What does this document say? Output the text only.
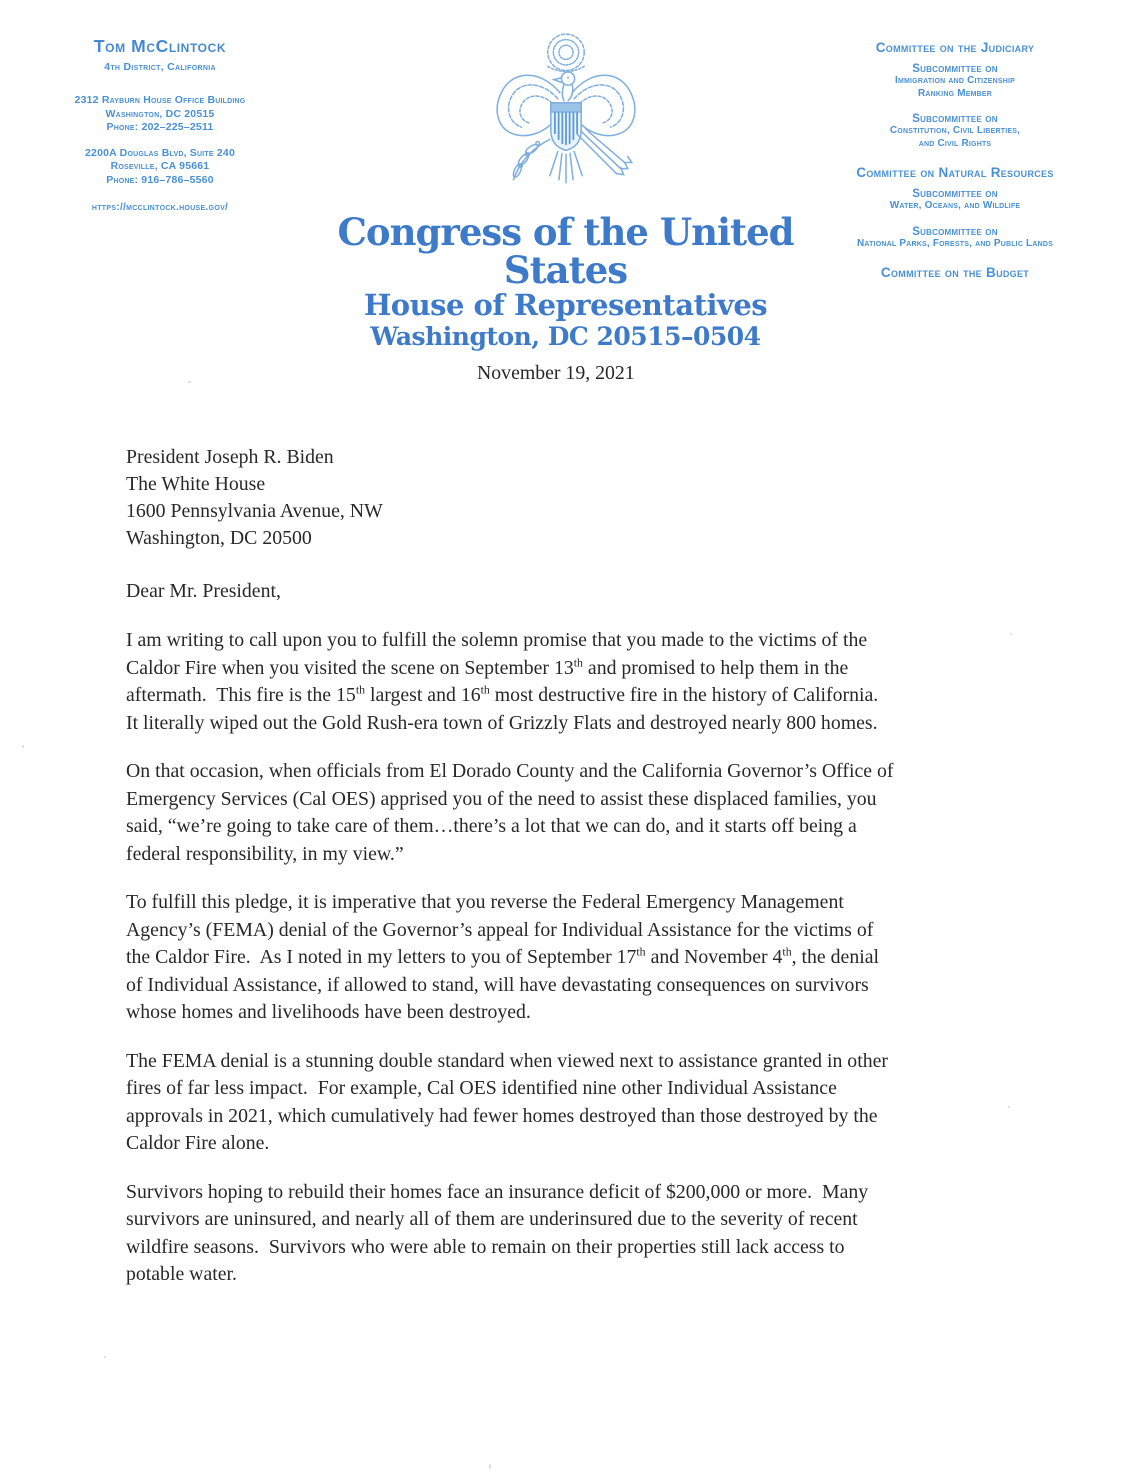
Tom McClintock
4th District, California
2312 Rayburn House Office Building
Washington, DC 20515
Phone: 202–225–2511
2200A Douglas Blvd, Suite 240
Roseville, CA 95661
Phone: 916–786–5560
https://mcclintock.house.gov/
Congress of the United States
House of Representatives
Washington, DC 20515–0504
Committee on the Judiciary
Subcommittee on
Immigration and Citizenship
Ranking Member
Subcommittee on
Constitution, Civil Liberties,
and Civil Rights
Committee on Natural Resources
Subcommittee on
Water, Oceans, and Wildlife
Subcommittee on
National Parks, Forests, and Public Lands
Committee on the Budget
November 19, 2021
President Joseph R. Biden
The White House
1600 Pennsylvania Avenue, NW
Washington, DC 20500
Dear Mr. President,

I am writing to call upon you to fulfill the solemn promise that you made to the victims of the
Caldor Fire when you visited the scene on September 13th and promised to help them in the
aftermath.  This fire is the 15th largest and 16th most destructive fire in the history of California.
It literally wiped out the Gold Rush-era town of Grizzly Flats and destroyed nearly 800 homes.

On that occasion, when officials from El Dorado County and the California Governor’s Office of
Emergency Services (Cal OES) apprised you of the need to assist these displaced families, you
said, “we’re going to take care of them…there’s a lot that we can do, and it starts off being a
federal responsibility, in my view.”

To fulfill this pledge, it is imperative that you reverse the Federal Emergency Management
Agency’s (FEMA) denial of the Governor’s appeal for Individual Assistance for the victims of
the Caldor Fire.  As I noted in my letters to you of September 17th and November 4th, the denial
of Individual Assistance, if allowed to stand, will have devastating consequences on survivors
whose homes and livelihoods have been destroyed.

The FEMA denial is a stunning double standard when viewed next to assistance granted in other
fires of far less impact.  For example, Cal OES identified nine other Individual Assistance
approvals in 2021, which cumulatively had fewer homes destroyed than those destroyed by the
Caldor Fire alone.

Survivors hoping to rebuild their homes face an insurance deficit of $200,000 or more.  Many
survivors are uninsured, and nearly all of them are underinsured due to the severity of recent
wildfire seasons.  Survivors who were able to remain on their properties still lack access to
potable water.
